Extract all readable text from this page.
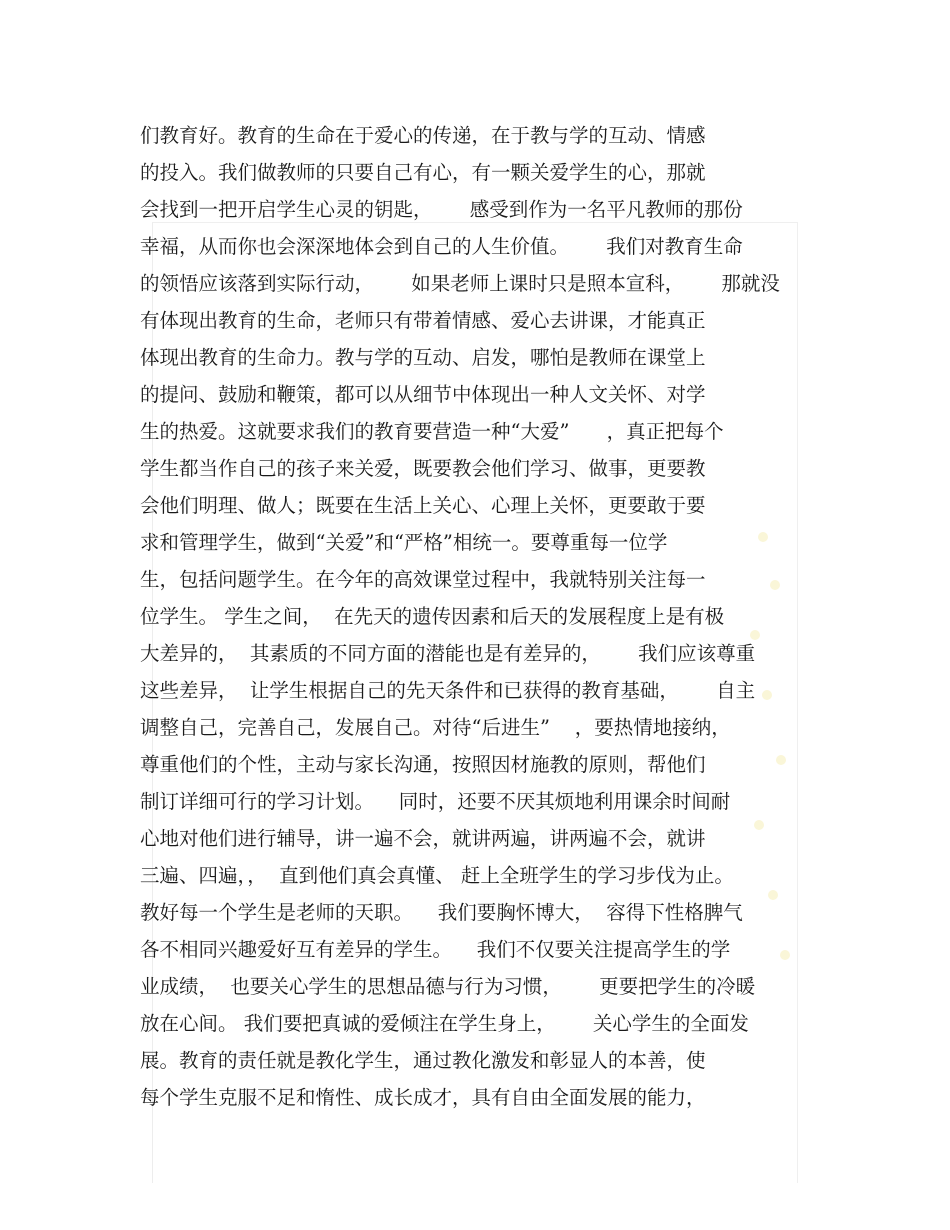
们教育好。教育的生命在于爱心的传递，在于教与学的互动、情感
的投入。我们做教师的只要自己有心，有一颗关爱学生的心，那就
会找到一把开启学生心灵的钥匙，      感受到作为一名平凡教师的那份
幸福，从而你也会深深地体会到自己的人生价值。      我们对教育生命
的领悟应该落到实际行动，      如果老师上课时只是照本宣科，      那就没
有体现出教育的生命，老师只有带着情感、爱心去讲课，才能真正
体现出教育的生命力。教与学的互动、启发，哪怕是教师在课堂上
的提问、鼓励和鞭策，都可以从细节中体现出一种人文关怀、对学
生的热爱。这就要求我们的教育要营造一种“大爱”      ，真正把每个
学生都当作自己的孩子来关爱，既要教会他们学习、做事，更要教
会他们明理、做人；既要在生活上关心、心理上关怀，更要敢于要
求和管理学生，做到“关爱”和“严格”相统一。要尊重每一位学
生，包括问题学生。在今年的高效课堂过程中，我就特别关注每一
位学生。 学生之间，  在先天的遗传因素和后天的发展程度上是有极
大差异的，  其素质的不同方面的潜能也是有差异的，      我们应该尊重
这些差异，  让学生根据自己的先天条件和已获得的教育基础，      自主
调整自己，完善自己，发展自己。对待“后进生”    ，要热情地接纳，
尊重他们的个性，主动与家长沟通，按照因材施教的原则，帮他们
制订详细可行的学习计划。    同时，还要不厌其烦地利用课余时间耐
心地对他们进行辅导，讲一遍不会，就讲两遍，讲两遍不会，就讲
三遍、四遍，，  直到他们真会真懂、 赶上全班学生的学习步伐为止。
教好每一个学生是老师的天职。    我们要胸怀博大，  容得下性格脾气
各不相同兴趣爱好互有差异的学生。    我们不仅要关注提高学生的学
业成绩，  也要关心学生的思想品德与行为习惯，      更要把学生的冷暖
放在心间。 我们要把真诚的爱倾注在学生身上，      关心学生的全面发
展。教育的责任就是教化学生，通过教化激发和彰显人的本善，使
每个学生克服不足和惰性、成长成才，具有自由全面发展的能力，
